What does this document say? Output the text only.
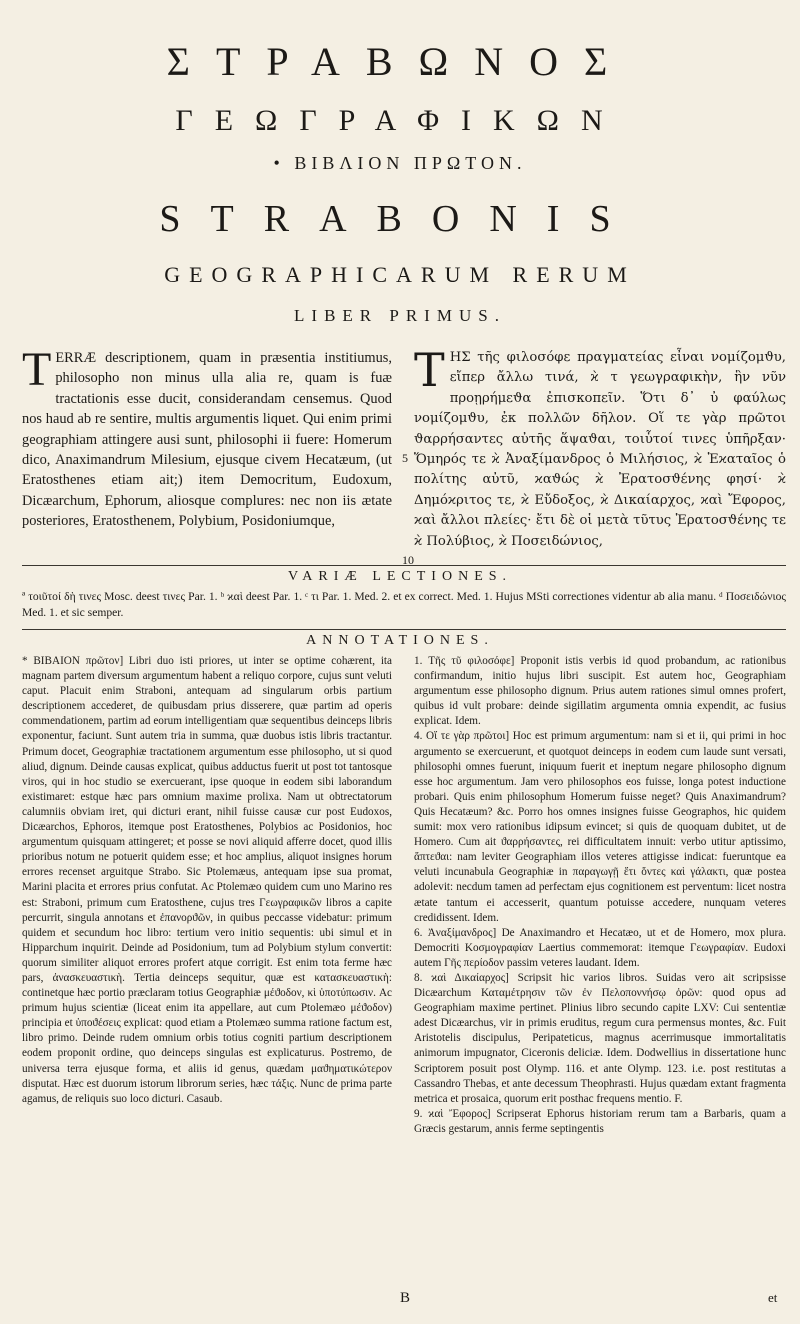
ΣΤΡΑΒΩΝΟΣ
ΓΕΩΓΡΑΦΙΚΩΝ
• ΒΙΒΛΙΟΝ ΠΡΩΤΟΝ.
STRABONIS
GEOGRAPHICARUM RERUM
LIBER PRIMUS.
TERRÆ descriptionem, quam in præsentia institiumus, philosopho non minus ulla alia re, quam is fuæ tractationis esse ducit, considerandam censemus. Quod nos haud ab re sentire, multis argumentis liquet. Qui enim primi geographiam attingere ausi sunt, philosophi ii fuere: Homerum dico, Anaximandrum Milesium, ejusque civem Hecatæum, (ut Eratosthenes etiam ait;) item Democritum, Eudoxum, Dicæarchum, Ephorum, aliosque complures: nec non iis ætate posteriores, Eratosthenem, Polybium, Posidoniumque,
ΤΗΣ τῆς φιλοσόφε πραγματείας εἶναι νομίζομϑυ, εἴπερ ἄλλω τινά, ϰ̀ τ γεωγραφικὴν, ἣν νῦν προῃρήμεϑα ἐπισκοπεῖν. Ὅτι δ᾽ ὐ φαύλως νομίζομϑυ, ἐκ πολλῶν δῆλον. Οἵ τε γὰρ πρῶτοι ϑαρρήσαντες αὐτῆς ἅψαϑαι, τοιὗτοί τινες ὑπῆρξαν· Ὅμηρός τε ϰ̀ Ἀναξίμανδρος ὁ Μιλήσιος, ϰ̀ Ἑϰαταῖος ὁ πολίτης αὐτῦ, ϰαϑώς ϰ̀ Ἐρατοσϑένης φησί· ϰ̀ Δημόϰριτος τε, ϰ̀ Εὔδοξος, ϰ̀ Δικαίαρχος, ϰαὶ Ἔφορος, ϰαὶ ἄλλοι πλείες· ἔτι δὲ οἱ μετὰ τῦτυς Ἐρατοσϑένης τε ϰ̀ Πολύβιος, ϰ̀ Ποσειδώνιος,
5
10
VARIÆ LECTIONES.
ª τοιῦτοί δὴ τινες Mosc. deest τινες Par. 1. ᵇ ϰαὶ deest Par. 1. ᶜ τι Par. 1. Med. 2. et ex correct. Med. 1. Hujus MSti correctiones videntur ab alia manu. ᵈ Ποσειδώνιος Med. 1. et sic semper.
ANNOTATIONES.
* BIBAION πρῶτον] Libri duo isti priores, ut inter se optime cohærent, ita magnam partem diversum argumentum habent a reliquo corpore, cujus sunt veluti caput. Placuit enim Straboni, antequam ad singularum orbis partium descriptionem accederet, de quibusdam prius disserere, quæ partim ad operis commendationem, partim ad eorum intelligentiam quæ sequentibus deinceps libris exponentur, faciunt. Sunt autem tria in summa, quæ duobus istis libris tractantur. Primum docet, Geographiæ tractationem argumentum esse philosopho, ut si quod aliud, dignum. Deinde causas explicat, quibus adductus fuerit ut post tot tantosque viros, qui in hoc studio se exercuerant, ipse quoque in eodem sibi laborandum existimaret: estque hæc pars omnium maxime prolixa. Nam ut obtrectatorum calumniis obviam iret, qui dicturi erant, nihil fuisse causæ cur post Eudoxos, Dicæarchos, Ephoros, itemque post Eratosthenes, Polybios ac Posidonios, hoc argumentum quisquam attingeret; et posse se novi aliquid afferre docet, quod illis prioribus notum ne potuerit quidem esse; et hoc amplius, aliquot insignes horum errores recenset arguitque Strabo. Sic Ptolemæus, antequam ipse sua promat, Marini placita et errores prius confutat. Ac Ptolemæo quidem cum uno Marino res est: Straboni, primum cum Eratosthene, cujus tres Γεωγραφικῶν libros a capite percurrit, singula annotans et ἐπανορϑῶν, in quibus peccasse videbatur: primum quidem et secundum hoc libro: tertium vero initio sequentis: ubi simul et in Hipparchum inquirit. Deinde ad Posidonium, tum ad Polybium stylum convertit: quorum similiter aliquot errores profert atque corrigit. Est enim tota ferme hæc pars, ἀνασκευαστικὴ. Tertia deinceps sequitur, quæ est κατασκευαστικὴ: continetque hæc portio præclaram totius Geographiæ μέϑοδον, κὶ ὑποτύπωσιν. Ac primum hujus scientiæ (liceat enim ita appellare, aut cum Ptolemæo μέϑοδον) principia et ὑποϑέσεις explicat: quod etiam a Ptolemæo summa ratione factum est, libro primo. Deinde rudem omnium orbis totius cogniti partium descriptionem eodem proponit ordine, quo deinceps singulas est explicaturus. Postremo, de universa terra ejusque forma, et aliis id genus, quædam μαϑηματικώτερον disputat. Hæc est duorum istorum librorum series, hæc τάξις. Nunc de prima parte agamus, de reliquis suo loco dicturi. Casaub.
1. Τῆς τῦ φιλοσόφε] Proponit istis verbis id quod probandum, ac rationibus confirmandum, initio hujus libri suscipit. Est autem hoc, Geographiam argumentum esse philosopho dignum. Prius autem rationes simul omnes profert, quibus id vult probare: deinde sigillatim argumenta omnia expendit, ac fusius explicat. Idem.
4. Οἵ τε γὰρ πρῶτοι] Hoc est primum argumentum: nam si et ii, qui primi in hoc argumento se exercuerunt, et quotquot deinceps in eodem cum laude sunt versati, philosophi omnes fuerunt, iniquum fuerit et ineptum negare philosopho dignum esse hoc argumentum. Jam vero philosophos eos fuisse, longa potest inductione probari. Quis enim philosophum Homerum fuisse neget? Quis Anaximandrum? Quis Hecatæum? &c. Porro hos omnes insignes fuisse Geographos, hic quidem sumit: mox vero rationibus idipsum evincet; si quis de quoquam dubitet, ut de Homero. Cum ait ϑαρρήσαντες, rei difficultatem innuit: verbo utitur aptissimo, ἅπτεϑαι: nam leviter Geographiam illos veteres attigisse indicat: fueruntque ea veluti incunabula Geographiæ in παραγωγῇ ἔτι ὄντες καὶ γάλακτι, quæ postea adolevit: necdum tamen ad perfectam ejus cognitionem est perventum: licet nostra ætate tantum ei accesserit, quantum potuisse accedere, nunquam veteres credidissent. Idem.
6. Ἀναξίμανδρος] De Anaximandro et Hecatæo, ut et de Homero, mox plura. Democriti Κοσμογραφίαν Laertius commemorat: itemque Γεωγραφίαν. Eudoxi autem Γῆς περίοδον passim veteres laudant. Idem.
8. ϰαὶ Δικαίαρχος] Scripsit hic varios libros. Suidas vero ait scripsisse Dicæarchum Καταμέτρησιν τῶν ἐν Πελοποννήσῳ ὀρῶν: quod opus ad Geographiam maxime pertinet. Plinius libro secundo capite LXV: Cui sententiæ adest Dicæarchus, vir in primis eruditus, regum cura permensus montes, &c. Fuit Aristotelis discipulus, Peripateticus, magnus acerrimusque immortalitatis animorum impugnator, Ciceronis deliciæ. Idem. Dodwellius in dissertatione hunc Scriptorem posuit post Olymp. 116. et ante Olymp. 123. i.e. post restitutas a Cassandro Thebas, et ante decessum Theophrasti. Hujus quædam extant fragmenta metrica et prosaica, quorum erit posthac frequens mentio. F.
9. ϰαὶ Ἔφορος] Scripserat Ephorus historiam rerum tam a Barbaris, quam a Græcis gestarum, annis ferme septingentis
B	et
